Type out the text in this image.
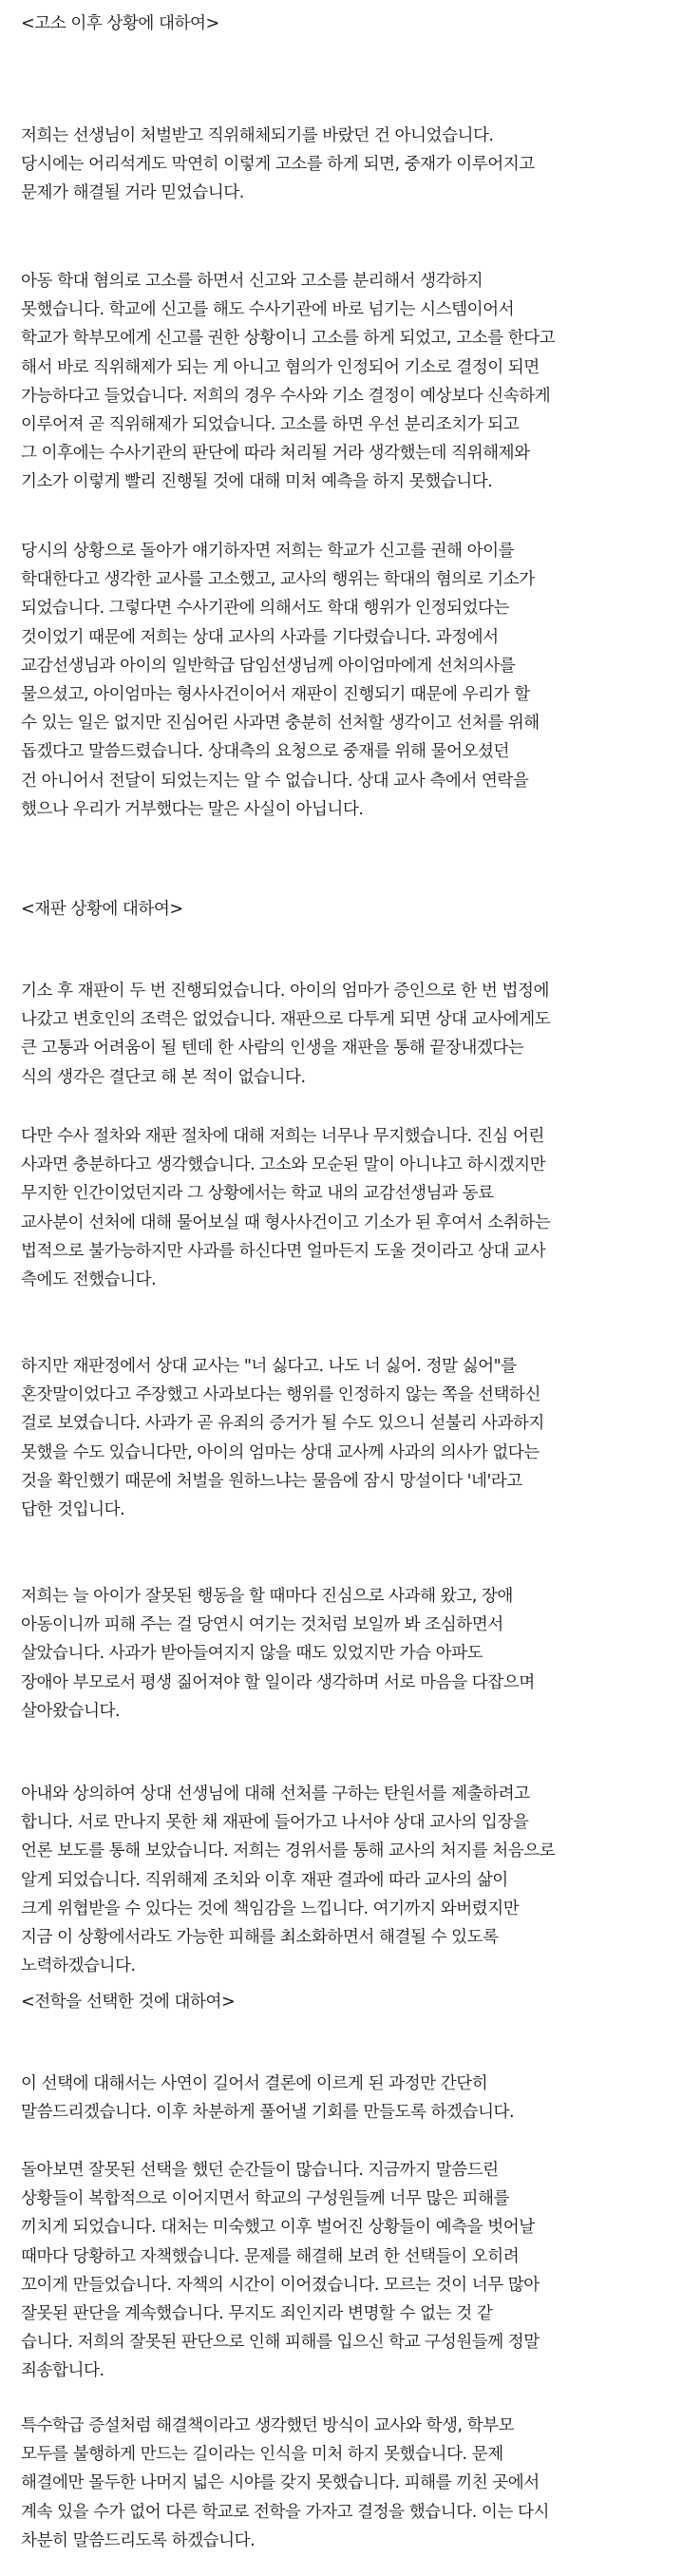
<고소 이후 상황에 대하여>

저희는 선생님이 처벌받고 직위해체되기를 바랐던 건 아니었습니다.
당시에는 어리석게도 막연히 이렇게 고소를 하게 되면, 중재가 이루어지고
문제가 해결될 거라 믿었습니다.

아동 학대 혐의로 고소를 하면서 신고와 고소를 분리해서 생각하지
못했습니다. 학교에 신고를 해도 수사기관에 바로 넘기는 시스템이어서
학교가 학부모에게 신고를 권한 상황이니 고소를 하게 되었고, 고소를 한다고
해서 바로 직위해제가 되는 게 아니고 혐의가 인정되어 기소로 결정이 되면
가능하다고 들었습니다. 저희의 경우 수사와 기소 결정이 예상보다 신속하게
이루어져 곧 직위해제가 되었습니다. 고소를 하면 우선 분리조치가 되고
그 이후에는 수사기관의 판단에 따라 처리될 거라 생각했는데 직위해제와
기소가 이렇게 빨리 진행될 것에 대해 미처 예측을 하지 못했습니다.

당시의 상황으로 돌아가 얘기하자면 저희는 학교가 신고를 권해 아이를
학대한다고 생각한 교사를 고소했고, 교사의 행위는 학대의 혐의로 기소가
되었습니다. 그렇다면 수사기관에 의해서도 학대 행위가 인정되었다는
것이었기 때문에 저희는 상대 교사의 사과를 기다렸습니다. 과정에서
교감선생님과 아이의 일반학급 담임선생님께 아이엄마에게 선처의사를
물으셨고, 아이엄마는 형사사건이어서 재판이 진행되기 때문에 우리가 할
수 있는 일은 없지만 진심어린 사과면 충분히 선처할 생각이고 선처를 위해
돕겠다고 말씀드렸습니다. 상대측의 요청으로 중재를 위해 물어오셨던
건 아니어서 전달이 되었는지는 알 수 없습니다. 상대 교사 측에서 연락을
했으나 우리가 거부했다는 말은 사실이 아닙니다.

<재판 상황에 대하여>

기소 후 재판이 두 번 진행되었습니다. 아이의 엄마가 증인으로 한 번 법정에
나갔고 변호인의 조력은 없었습니다. 재판으로 다투게 되면 상대 교사에게도
큰 고통과 어려움이 될 텐데 한 사람의 인생을 재판을 통해 끝장내겠다는
식의 생각은 결단코 해 본 적이 없습니다.

다만 수사 절차와 재판 절차에 대해 저희는 너무나 무지했습니다. 진심 어린
사과면 충분하다고 생각했습니다. 고소와 모순된 말이 아니냐고 하시겠지만
무지한 인간이었던지라 그 상황에서는 학교 내의 교감선생님과 동료
교사분이 선처에 대해 물어보실 때 형사사건이고 기소가 된 후여서 소취하는
법적으로 불가능하지만 사과를 하신다면 얼마든지 도울 것이라고 상대 교사
측에도 전했습니다.

하지만 재판정에서 상대 교사는 "너 싫다고. 나도 너 싫어. 정말 싫어"를
혼잣말이었다고 주장했고 사과보다는 행위를 인정하지 않는 쪽을 선택하신
걸로 보였습니다. 사과가 곧 유죄의 증거가 될 수도 있으니 섣불리 사과하지
못했을 수도 있습니다만, 아이의 엄마는 상대 교사께 사과의 의사가 없다는
것을 확인했기 때문에 처벌을 원하느냐는 물음에 잠시 망설이다 '네'라고
답한 것입니다.

저희는 늘 아이가 잘못된 행동을 할 때마다 진심으로 사과해 왔고, 장애
아동이니까 피해 주는 걸 당연시 여기는 것처럼 보일까 봐 조심하면서
살았습니다. 사과가 받아들여지지 않을 때도 있었지만 가슴 아파도
장애아 부모로서 평생 짊어져야 할 일이라 생각하며 서로 마음을 다잡으며
살아왔습니다.

아내와 상의하여 상대 선생님에 대해 선처를 구하는 탄원서를 제출하려고
합니다. 서로 만나지 못한 채 재판에 들어가고 나서야 상대 교사의 입장을
언론 보도를 통해 보았습니다. 저희는 경위서를 통해 교사의 처지를 처음으로
알게 되었습니다. 직위해제 조치와 이후 재판 결과에 따라 교사의 삶이
크게 위협받을 수 있다는 것에 책임감을 느낍니다. 여기까지 와버렸지만
지금 이 상황에서라도 가능한 피해를 최소화하면서 해결될 수 있도록
노력하겠습니다.

<전학을 선택한 것에 대하여>

이 선택에 대해서는 사연이 길어서 결론에 이르게 된 과정만 간단히
말씀드리겠습니다. 이후 차분하게 풀어낼 기회를 만들도록 하겠습니다.

돌아보면 잘못된 선택을 했던 순간들이 많습니다. 지금까지 말씀드린
상황들이 복합적으로 이어지면서 학교의 구성원들께 너무 많은 피해를
끼치게 되었습니다. 대처는 미숙했고 이후 벌어진 상황들이 예측을 벗어날
때마다 당황하고 자책했습니다. 문제를 해결해 보려 한 선택들이 오히려
꼬이게 만들었습니다. 자책의 시간이 이어졌습니다. 모르는 것이 너무 많아
잘못된 판단을 계속했습니다. 무지도 죄인지라 변명할 수 없는 것 같
습니다. 저희의 잘못된 판단으로 인해 피해를 입으신 학교 구성원들께 정말
죄송합니다.

특수학급 증설처럼 해결책이라고 생각했던 방식이 교사와 학생, 학부모
모두를 불행하게 만드는 길이라는 인식을 미처 하지 못했습니다. 문제
해결에만 몰두한 나머지 넓은 시야를 갖지 못했습니다. 피해를 끼친 곳에서
계속 있을 수가 없어 다른 학교로 전학을 가자고 결정을 했습니다. 이는 다시
차분히 말씀드리도록 하겠습니다.
